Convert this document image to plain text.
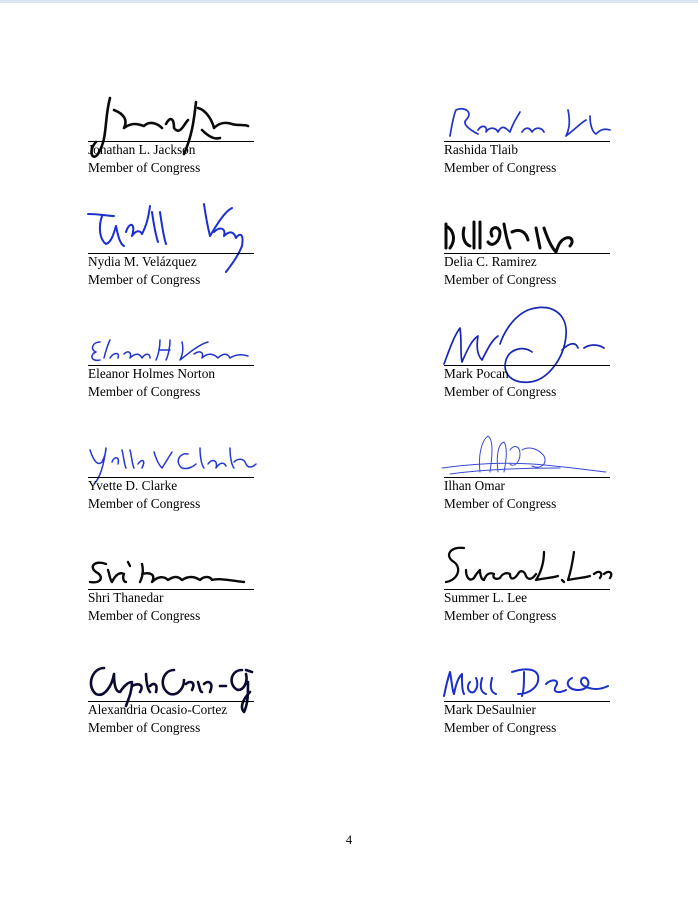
Jonathan L. Jackson
Member of Congress
Rashida Tlaib
Member of Congress
Nydia M. Velázquez
Member of Congress
Delia C. Ramirez
Member of Congress
Eleanor Holmes Norton
Member of Congress
Mark Pocan
Member of Congress
Yvette D. Clarke
Member of Congress
Ilhan Omar
Member of Congress
Shri Thanedar
Member of Congress
Summer L. Lee
Member of Congress
Alexandria Ocasio-Cortez
Member of Congress
Mark DeSaulnier
Member of Congress
4
